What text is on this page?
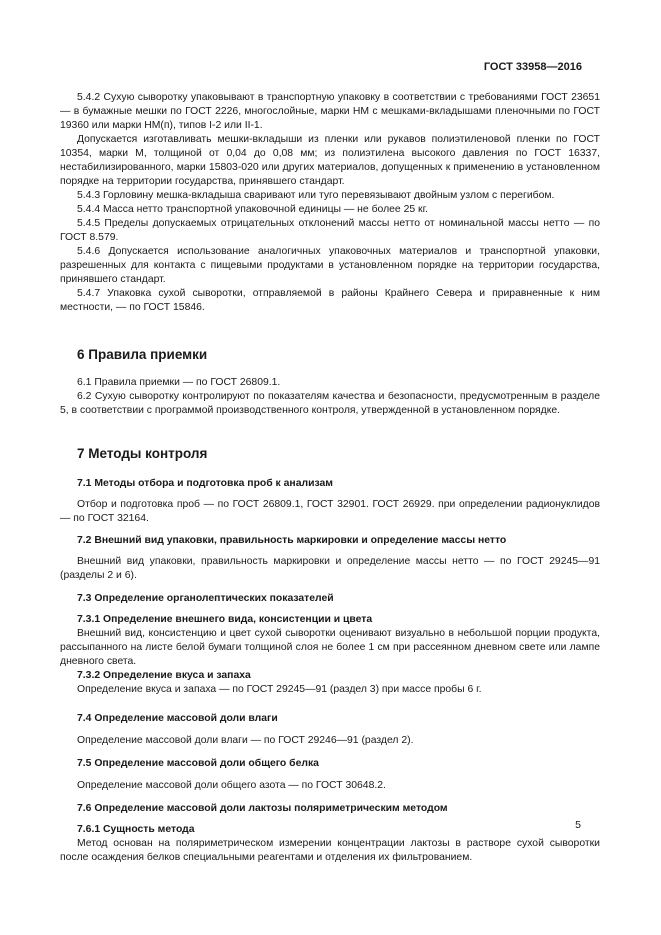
ГОСТ 33958—2016

5.4.2 Сухую сыворотку упаковывают в транспортную упаковку в соответствии с требованиями ГОСТ 23651 — в бумажные мешки по ГОСТ 2226, многослойные, марки НМ с мешками-вкладышами пленочными по ГОСТ 19360 или марки НМ(п), типов I-2 или II-1.

Допускается изготавливать мешки-вкладыши из пленки или рукавов полиэтиленовой пленки по ГОСТ 10354, марки М, толщиной от 0,04 до 0,08 мм; из полиэтилена высокого давления по ГОСТ 16337, нестабилизированного, марки 15803-020 или других материалов, допущенных к применению в установленном порядке на территории государства, принявшего стандарт.

5.4.3 Горловину мешка-вкладыша сваривают или туго перевязывают двойным узлом с перегибом.

5.4.4 Масса нетто транспортной упаковочной единицы — не более 25 кг.

5.4.5 Пределы допускаемых отрицательных отклонений массы нетто от номинальной массы нетто — по ГОСТ 8.579.

5.4.6 Допускается использование аналогичных упаковочных материалов и транспортной упаковки, разрешенных для контакта с пищевыми продуктами в установленном порядке на территории государства, принявшего стандарт.

5.4.7 Упаковка сухой сыворотки, отправляемой в районы Крайнего Севера и приравненные к ним местности, — по ГОСТ 15846.

6 Правила приемки

6.1 Правила приемки — по ГОСТ 26809.1.

6.2 Сухую сыворотку контролируют по показателям качества и безопасности, предусмотренным в разделе 5, в соответствии с программой производственного контроля, утвержденной в установленном порядке.

7 Методы контроля

7.1 Методы отбора и подготовка проб к анализам

Отбор и подготовка проб — по ГОСТ 26809.1, ГОСТ 32901. ГОСТ 26929. при определении радионуклидов — по ГОСТ 32164.

7.2 Внешний вид упаковки, правильность маркировки и определение массы нетто

Внешний вид упаковки, правильность маркировки и определение массы нетто — по ГОСТ 29245—91 (разделы 2 и 6).

7.3 Определение органолептических показателей

7.3.1 Определение внешнего вида, консистенции и цвета

Внешний вид, консистенцию и цвет сухой сыворотки оценивают визуально в небольшой порции продукта, рассыпанного на листе белой бумаги толщиной слоя не более 1 см при рассеянном дневном свете или лампе дневного света.

7.3.2 Определение вкуса и запаха

Определение вкуса и запаха — по ГОСТ 29245—91 (раздел 3) при массе пробы 6 г.

7.4 Определение массовой доли влаги

Определение массовой доли влаги — по ГОСТ 29246—91 (раздел 2).

7.5 Определение массовой доли общего белка

Определение массовой доли общего азота — по ГОСТ 30648.2.

7.6 Определение массовой доли лактозы поляриметрическим методом

7.6.1 Сущность метода

Метод основан на поляриметрическом измерении концентрации лактозы в растворе сухой сыворотки после осаждения белков специальными реагентами и отделения их фильтрованием.

5
